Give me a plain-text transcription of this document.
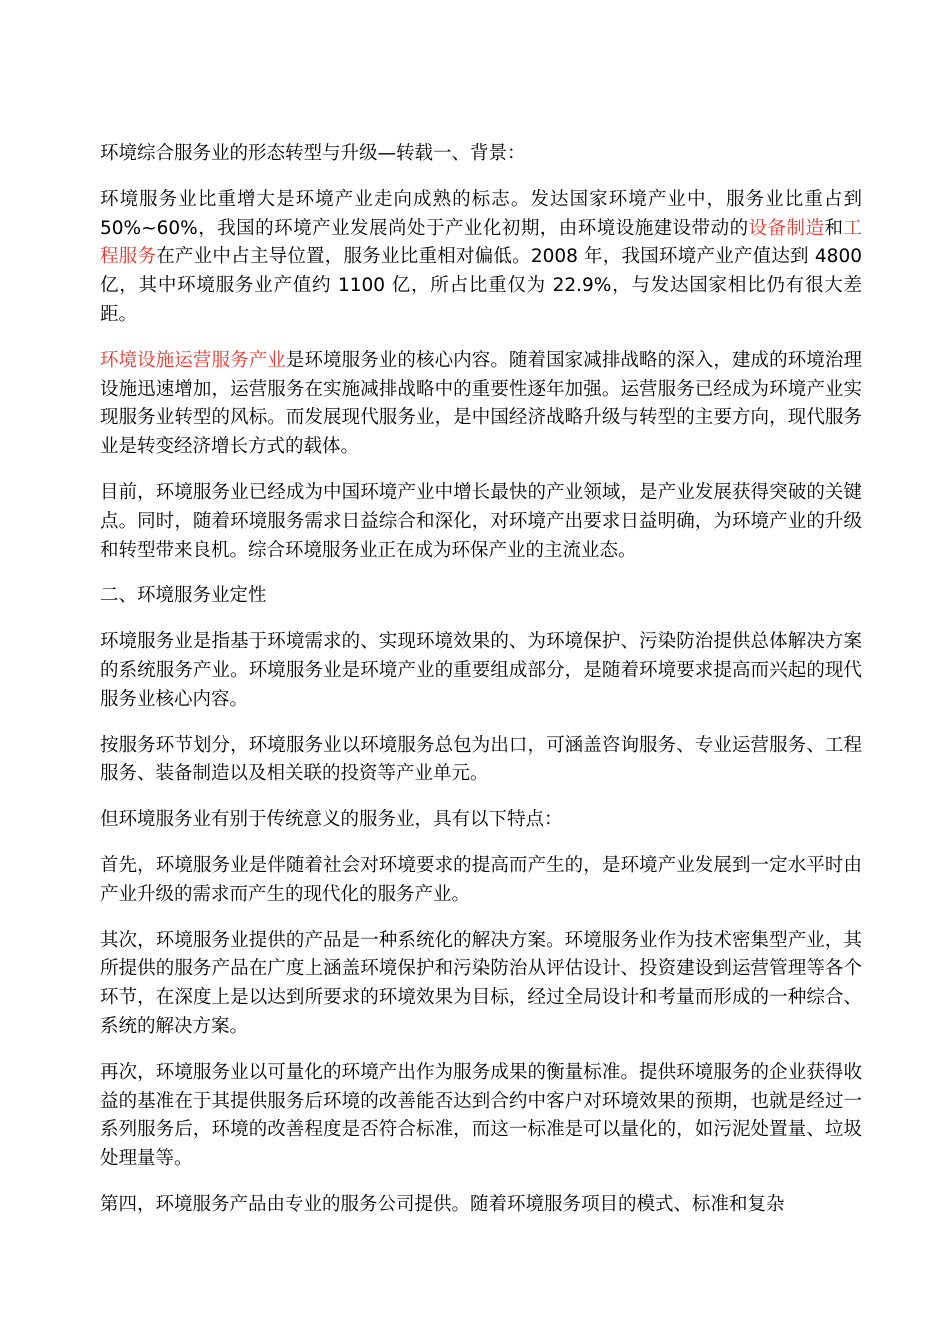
环境综合服务业的形态转型与升级—转载一、背景：

环境服务业比重增大是环境产业走向成熟的标志。发达国家环境产业中，服务业比重占到 50%~60%，我国的环境产业发展尚处于产业化初期，由环境设施建设带动的设备制造和工程服务在产业中占主导位置，服务业比重相对偏低。2008 年，我国环境产业产值达到 4800 亿，其中环境服务业产值约 1100 亿，所占比重仅为 22.9%，与发达国家相比仍有很大差距。

环境设施运营服务产业是环境服务业的核心内容。随着国家减排战略的深入，建成的环境治理设施迅速增加，运营服务在实施减排战略中的重要性逐年加强。运营服务已经成为环境产业实现服务业转型的风标。而发展现代服务业，是中国经济战略升级与转型的主要方向，现代服务业是转变经济增长方式的载体。

目前，环境服务业已经成为中国环境产业中增长最快的产业领域，是产业发展获得突破的关键点。同时，随着环境服务需求日益综合和深化，对环境产出要求日益明确，为环境产业的升级和转型带来良机。综合环境服务业正在成为环保产业的主流业态。

二、环境服务业定性

环境服务业是指基于环境需求的、实现环境效果的、为环境保护、污染防治提供总体解决方案的系统服务产业。环境服务业是环境产业的重要组成部分，是随着环境要求提高而兴起的现代服务业核心内容。

按服务环节划分，环境服务业以环境服务总包为出口，可涵盖咨询服务、专业运营服务、工程服务、装备制造以及相关联的投资等产业单元。

但环境服务业有别于传统意义的服务业，具有以下特点：

首先，环境服务业是伴随着社会对环境要求的提高而产生的，是环境产业发展到一定水平时由产业升级的需求而产生的现代化的服务产业。

其次，环境服务业提供的产品是一种系统化的解决方案。环境服务业作为技术密集型产业，其所提供的服务产品在广度上涵盖环境保护和污染防治从评估设计、投资建设到运营管理等各个环节，在深度上是以达到所要求的环境效果为目标，经过全局设计和考量而形成的一种综合、系统的解决方案。

再次，环境服务业以可量化的环境产出作为服务成果的衡量标准。提供环境服务的企业获得收益的基准在于其提供服务后环境的改善能否达到合约中客户对环境效果的预期，也就是经过一系列服务后，环境的改善程度是否符合标准，而这一标准是可以量化的，如污泥处置量、垃圾处理量等。

第四，环境服务产品由专业的服务公司提供。随着环境服务项目的模式、标准和复杂
